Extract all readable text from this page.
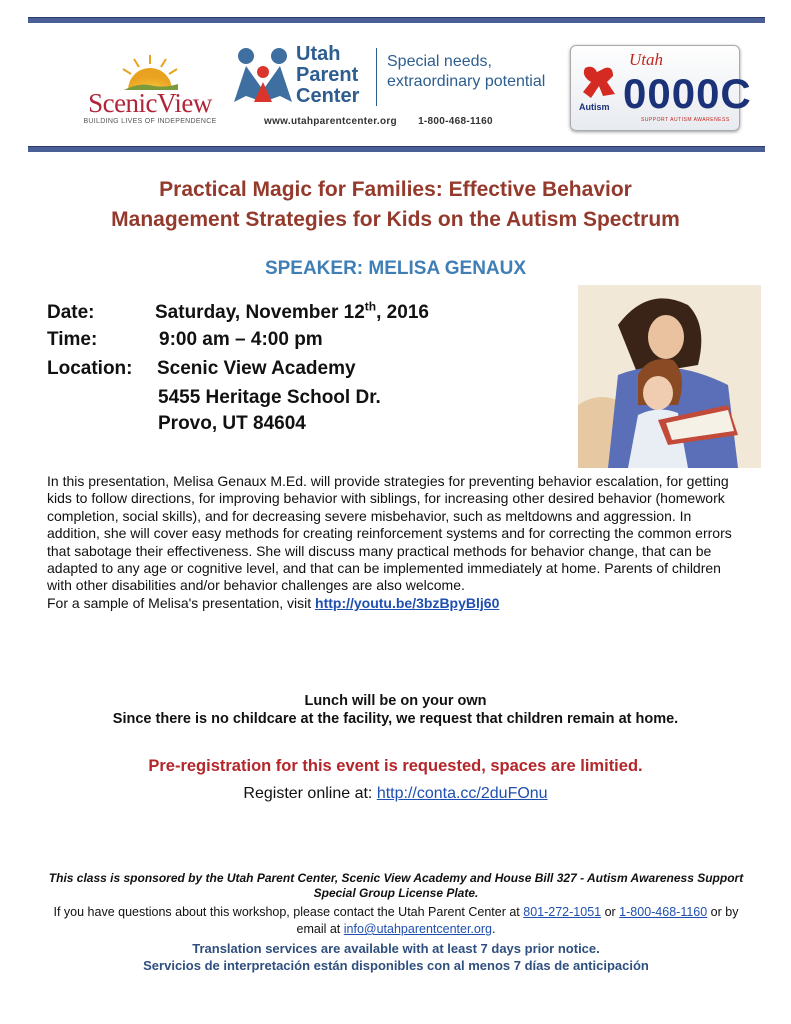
ScenicView
BUILDING LIVES OF INDEPENDENCE
Utah
Parent
Center
Special needs,
extraordinary potential
www.utahparentcenter.org 1-800-468-1160
Utah
Autism 0000C
SUPPORT AUTISM AWARENESS
Practical Magic for Families: Effective Behavior
Management Strategies for Kids on the Autism Spectrum
SPEAKER: MELISA GENAUX
Date:	Saturday, November 12th, 2016
Time:	9:00 am – 4:00 pm
Location: Scenic View Academy
5455 Heritage School Dr.
Provo, UT 84604
In this presentation, Melisa Genaux M.Ed. will provide strategies for preventing behavior escalation, for getting kids to follow directions, for improving behavior with siblings, for increasing other desired behavior (homework completion, social skills), and for decreasing severe misbehavior, such as meltdowns and aggression. In addition, she will cover easy methods for creating reinforcement systems and for correcting the common errors that sabotage their effectiveness. She will discuss many practical methods for behavior change, that can be adapted to any age or cognitive level, and that can be implemented immediately at home. Parents of children with other disabilities and/or behavior challenges are also welcome.
For a sample of Melisa's presentation, visit http://youtu.be/3bzBpyBlj60
Lunch will be on your own
Since there is no childcare at the facility, we request that children remain at home.
Pre-registration for this event is requested, spaces are limitied.
Register online at: http://conta.cc/2duFOnu
This class is sponsored by the Utah Parent Center, Scenic View Academy and House Bill 327 - Autism Awareness Support Special Group License Plate.
If you have questions about this workshop, please contact the Utah Parent Center at 801-272-1051 or 1-800-468-1160 or by email at info@utahparentcenter.org.
Translation services are available with at least 7 days prior notice.
Servicios de interpretación están disponibles con al menos 7 días de anticipación
